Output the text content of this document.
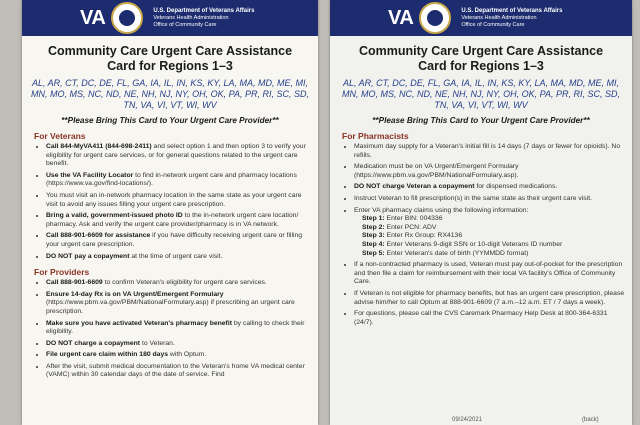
VA	U.S. Department of Veterans Affairs
Veterans Health Administration
Office of Community Care
Community Care Urgent Care Assistance
Card for Regions 1–3
AL, AR, CT, DC, DE, FL, GA, IA, IL, IN, KS, KY, LA, MA, MD, ME, MI, MN, MO, MS, NC, ND, NE, NH, NJ, NY, OH, OK, PA, PR, RI, SC, SD, TN, VA, VI, VT, WI, WV
**Please Bring This Card to Your Urgent Care Provider**
For Veterans
• Call 844-MyVA411 (844-698-2411) and select option 1 and then option 3 to verify your eligibility for urgent care services, or for general questions related to the urgent care benefit.
• Use the VA Facility Locator to find in-network urgent care and pharmacy locations (https://www.va.gov/find-locations/).
• You must visit an in-network pharmacy location in the same state as your urgent care visit to avoid any issues filling your urgent care prescription.
• Bring a valid, government-issued photo ID to the in-network urgent care location/ pharmacy. Ask and verify the urgent care provider/pharmacy is in VA network.
• Call 888-901-6609 for assistance if you have difficulty receiving urgent care or filling your urgent care prescription.
• DO NOT pay a copayment at the time of urgent care visit.
For Providers
• Call 888-901-6609 to confirm Veteran's eligibility for urgent care services.
• Ensure 14-day Rx is on VA Urgent/Emergent Formulary (https://www.pbm.va.gov/PBM/NationalFormulary.asp) if prescribing an urgent care prescription.
• Make sure you have activated Veteran's pharmacy benefit by calling to check their eligibility.
• DO NOT charge a copayment to Veteran.
• File urgent care claim within 180 days with Optum.
• After the visit, submit medical documentation to the Veteran's home VA medical center (VAMC) within 30 calendar days of the date of service. Find
VA	U.S. Department of Veterans Affairs
Veterans Health Administration
Office of Community Care
Community Care Urgent Care Assistance
Card for Regions 1–3
AL, AR, CT, DC, DE, FL, GA, IA, IL, IN, KS, KY, LA, MA, MD, ME, MI, MN, MO, MS, NC, ND, NE, NH, NJ, NY, OH, OK, PA, PR, RI, SC, SD, TN, VA, VI, VT, WI, WV
**Please Bring This Card to Your Urgent Care Provider**
For Pharmacists
• Maximum day supply for a Veteran's initial fill is 14 days (7 days or fewer for opioids). No refills.
• Medication must be on VA Urgent/Emergent Formulary (https://www.pbm.va.gov/PBM/NationalFormulary.asp).
• DO NOT charge Veteran a copayment for dispensed medications.
• Instruct Veteran to fill prescription(s) in the same state as their urgent care visit.
• Enter VA pharmacy claims using the following information:
Step 1: Enter BIN: 004336
Step 2: Enter PCN: ADV
Step 3: Enter Rx Group: RX4136
Step 4: Enter Veterans 9-digit SSN or 10-digit Veterans ID number
Step 5: Enter Veteran's date of birth (YYMMDD format)
• If a non-contracted pharmacy is used, Veteran must pay out-of-pocket for the prescription and then file a claim for reimbursement with their local VA facility's Office of Community Care.
• If Veteran is not eligible for pharmacy benefits, but has an urgent care prescription, please advise him/her to call Optum at 888-901-6609 (7 a.m.–12 a.m. ET / 7 days a week).
• For questions, please call the CVS Caremark Pharmacy Help Desk at 800-364-6331 (24/7).
09/24/2021	(back)
